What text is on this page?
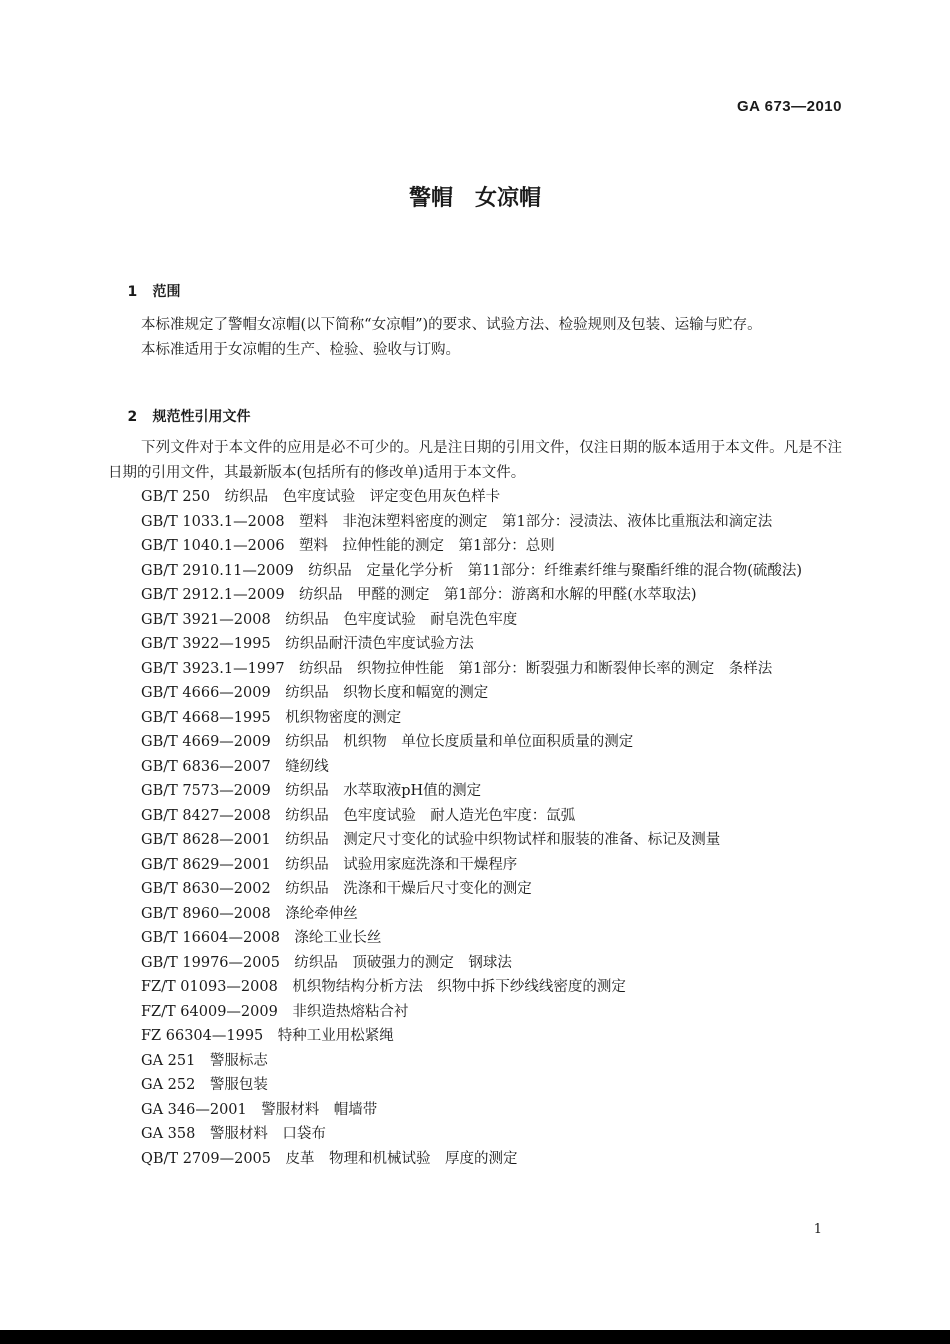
GA 673—2010
警帽　女凉帽

1 范围

本标准规定了警帽女凉帽(以下简称“女凉帽”)的要求、试验方法、检验规则及包装、运输与贮存。

本标准适用于女凉帽的生产、检验、验收与订购。

2 规范性引用文件

下列文件对于本文件的应用是必不可少的。凡是注日期的引用文件，仅注日期的版本适用于本文件。凡是不注日期的引用文件，其最新版本(包括所有的修改单)适用于本文件。

GB/T 250　纺织品　色牢度试验　评定变色用灰色样卡

GB/T 1033.1—2008　塑料　非泡沫塑料密度的测定　第1部分：浸渍法、液体比重瓶法和滴定法

GB/T 1040.1—2006　塑料　拉伸性能的测定　第1部分：总则

GB/T 2910.11—2009　纺织品　定量化学分析　第11部分：纤维素纤维与聚酯纤维的混合物(硫酸法)

GB/T 2912.1—2009　纺织品　甲醛的测定　第1部分：游离和水解的甲醛(水萃取法)

GB/T 3921—2008　纺织品　色牢度试验　耐皂洗色牢度

GB/T 3922—1995　纺织品耐汗渍色牢度试验方法

GB/T 3923.1—1997　纺织品　织物拉伸性能　第1部分：断裂强力和断裂伸长率的测定　条样法

GB/T 4666—2009　纺织品　织物长度和幅宽的测定

GB/T 4668—1995　机织物密度的测定

GB/T 4669—2009　纺织品　机织物　单位长度质量和单位面积质量的测定

GB/T 6836—2007　缝纫线

GB/T 7573—2009　纺织品　水萃取液pH值的测定

GB/T 8427—2008　纺织品　色牢度试验　耐人造光色牢度：氙弧

GB/T 8628—2001　纺织品　测定尺寸变化的试验中织物试样和服装的准备、标记及测量

GB/T 8629—2001　纺织品　试验用家庭洗涤和干燥程序

GB/T 8630—2002　纺织品　洗涤和干燥后尺寸变化的测定

GB/T 8960—2008　涤纶牵伸丝

GB/T 16604—2008　涤纶工业长丝

GB/T 19976—2005　纺织品　顶破强力的测定　钢球法

FZ/T 01093—2008　机织物结构分析方法　织物中拆下纱线线密度的测定

FZ/T 64009—2009　非织造热熔粘合衬

FZ 66304—1995　特种工业用松紧绳

GA 251　警服标志

GA 252　警服包装

GA 346—2001　警服材料　帽墙带

GA 358　警服材料　口袋布

QB/T 2709—2005　皮革　物理和机械试验　厚度的测定

1
